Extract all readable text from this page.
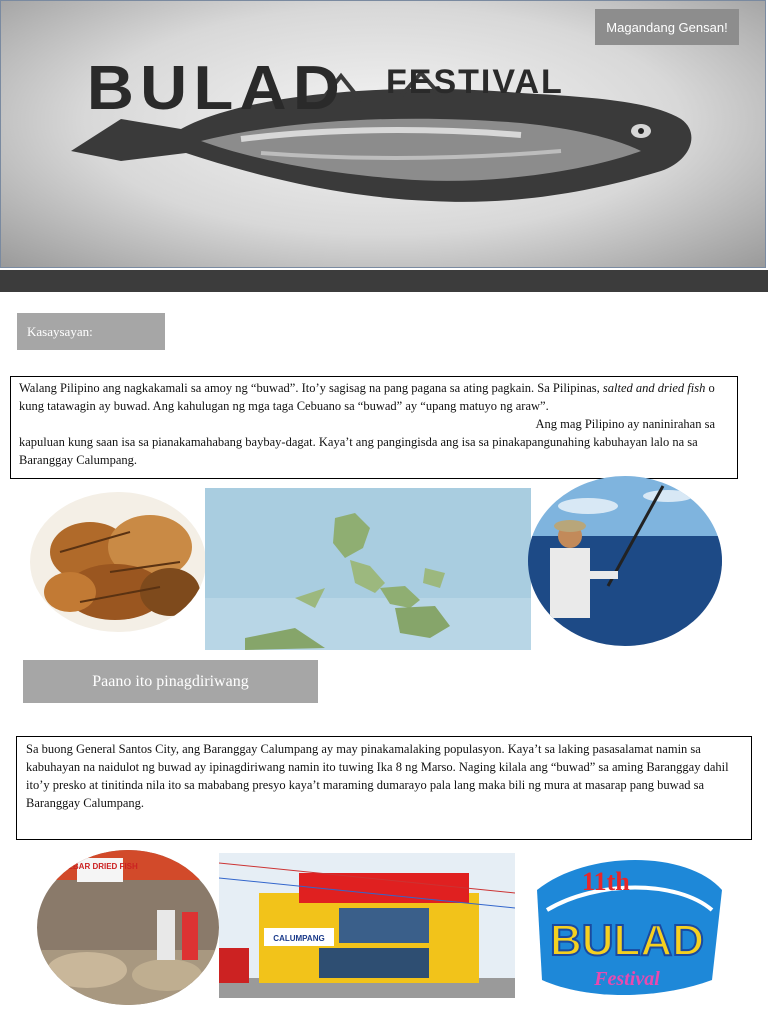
BULAD FESTIVAL
Magandang Gensan!
Kasaysayan:
Walang Pilipino ang nagkakamali sa amoy ng “buwad”. Ito’y sagisag na pang pagana sa ating pagkain. Sa Pilipinas, salted and dried fish o kung tatawagin ay buwad. Ang kahulugan ng mga taga Cebuano sa “buwad” ay “upang matuyo ng araw”.
Ang mag Pilipino ay naninirahan sa
kapuluan kung saan isa sa pianakamahabang baybay-dagat. Kaya’t ang pangingisda ang isa sa pinakapangunahing kabuhayan lalo na sa Baranggay Calumpang.
Paano ito pinagdiriwang
Sa buong General Santos City, ang Baranggay Calumpang ay may pinakamalaking populasyon. Kaya’t sa laking pasasalamat namin sa kabuhayan na naidulot ng buwad ay ipinagdiriwang namin ito tuwing Ika 8 ng Marso. Naging kilala ang “buwad” sa aming Baranggay dahil ito’y presko at tinitinda nila ito sa mababang presyo kaya’t maraming dumarayo pala lang maka bili ng mura at masarap pang buwad sa Baranggay Calumpang.
ALBAR DRIED FISH
CALUMPANG
11th
BULAD
Festival
